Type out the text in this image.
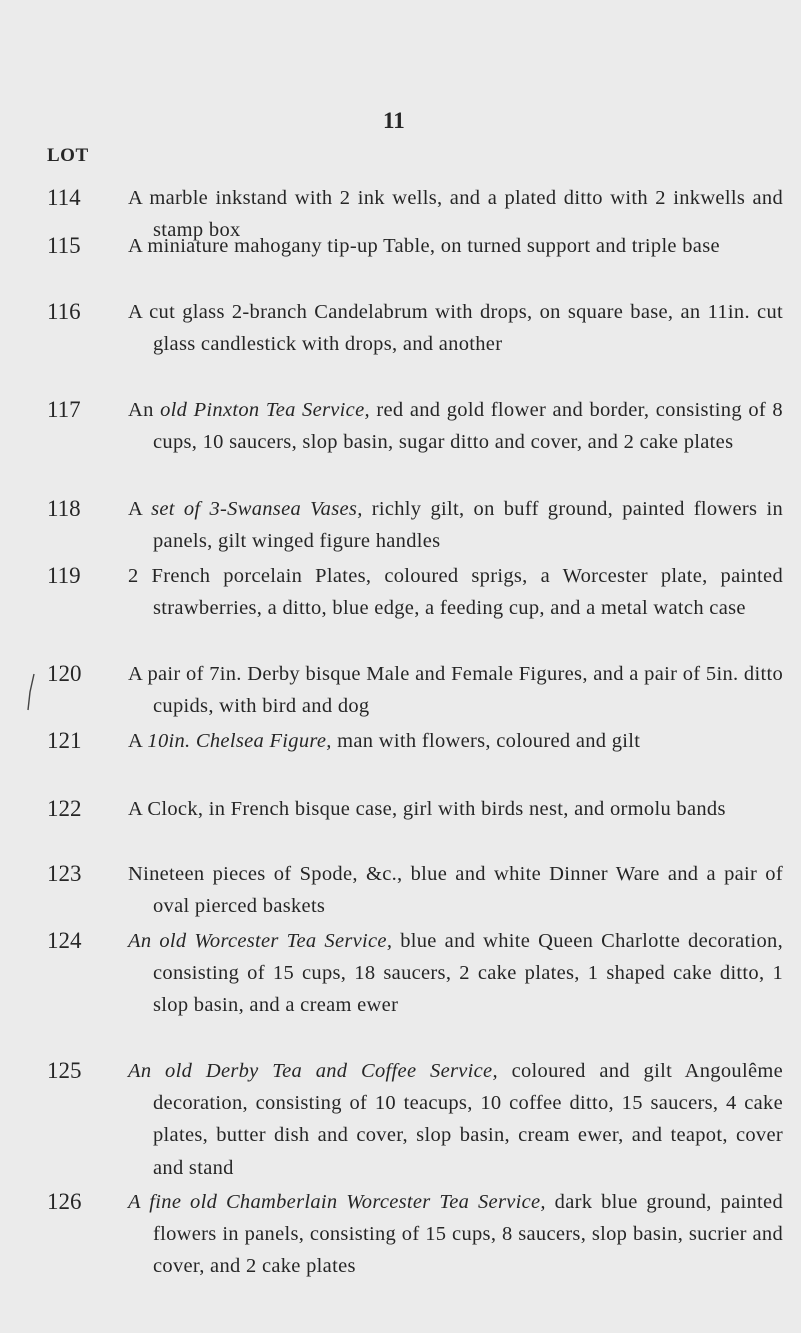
11
LOT
114 A marble inkstand with 2 ink wells, and a plated ditto with 2 inkwells and stamp box
115 A miniature mahogany tip-up Table, on turned support and triple base
116 A cut glass 2-branch Candelabrum with drops, on square base, an 11in. cut glass candlestick with drops, and another
117 An old Pinxton Tea Service, red and gold flower and border, consisting of 8 cups, 10 saucers, slop basin, sugar ditto and cover, and 2 cake plates
118 A set of 3-Swansea Vases, richly gilt, on buff ground, painted flowers in panels, gilt winged figure handles
119 2 French porcelain Plates, coloured sprigs, a Worcester plate, painted strawberries, a ditto, blue edge, a feeding cup, and a metal watch case
120 A pair of 7in. Derby bisque Male and Female Figures, and a pair of 5in. ditto cupids, with bird and dog
121 A 10in. Chelsea Figure, man with flowers, coloured and gilt
122 A Clock, in French bisque case, girl with birds nest, and ormolu bands
123 Nineteen pieces of Spode, &c., blue and white Dinner Ware and a pair of oval pierced baskets
124 An old Worcester Tea Service, blue and white Queen Charlotte decoration, consisting of 15 cups, 18 saucers, 2 cake plates, 1 shaped cake ditto, 1 slop basin, and a cream ewer
125 An old Derby Tea and Coffee Service, coloured and gilt Angoulême decoration, consisting of 10 teacups, 10 coffee ditto, 15 saucers, 4 cake plates, butter dish and cover, slop basin, cream ewer, and teapot, cover and stand
126 A fine old Chamberlain Worcester Tea Service, dark blue ground, painted flowers in panels, consisting of 15 cups, 8 saucers, slop basin, sucrier and cover, and 2 cake plates
